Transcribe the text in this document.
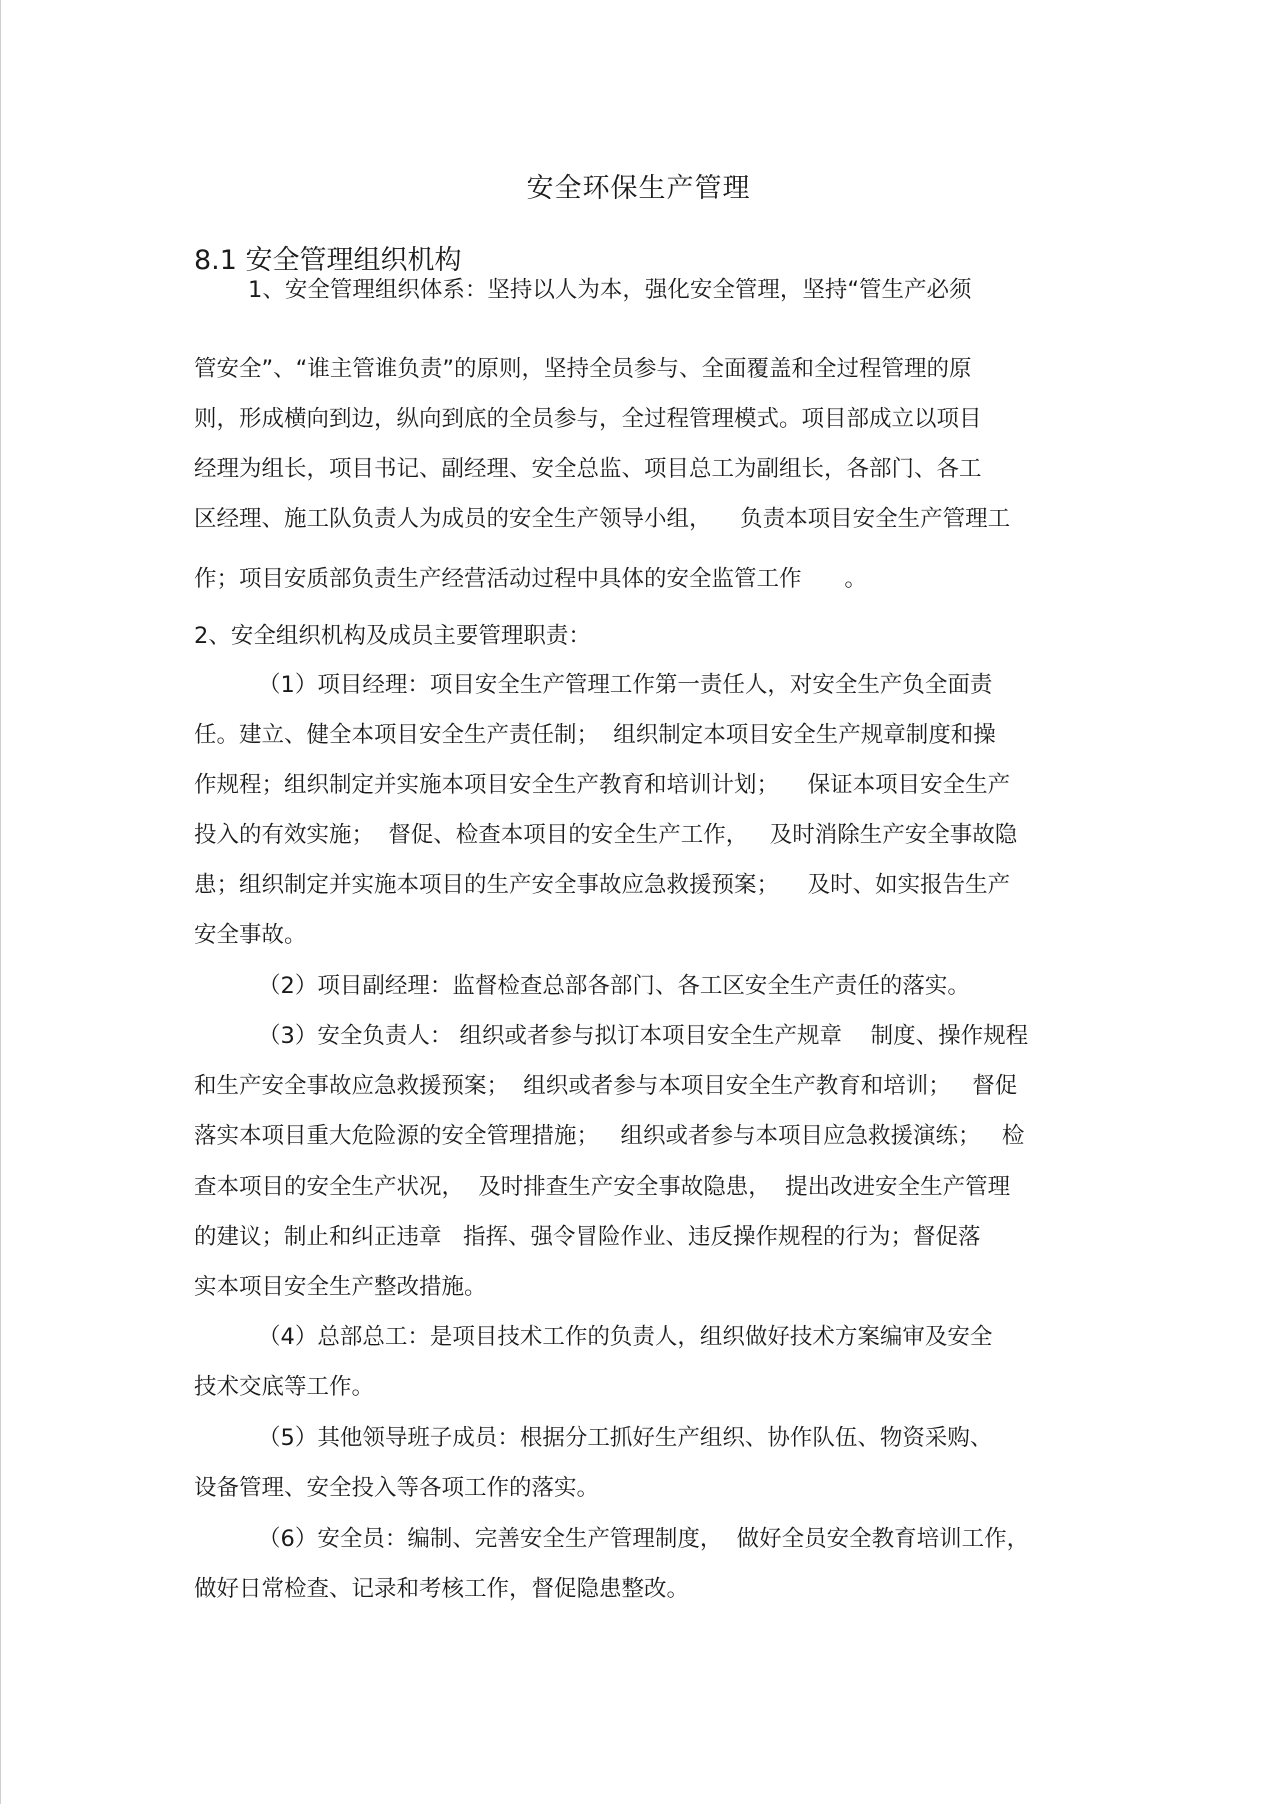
安全环保生产管理
8.1 安全管理组织机构
1、安全管理组织体系：坚持以人为本，强化安全管理，坚持“管生产必须
管安全”、“谁主管谁负责”的原则，坚持全员参与、全面覆盖和全过程管理的原
则，形成横向到边，纵向到底的全员参与，全过程管理模式。项目部成立以项目
经理为组长，项目书记、副经理、安全总监、项目总工为副组长，各部门、各工
区经理、施工队负责人为成员的安全生产领导小组，    负责本项目安全生产管理工
作；项目安质部负责生产经营活动过程中具体的安全监管工作      。
2、安全组织机构及成员主要管理职责：
（1）项目经理：项目安全生产管理工作第一责任人，对安全生产负全面责
任。建立、健全本项目安全生产责任制；  组织制定本项目安全生产规章制度和操
作规程；组织制定并实施本项目安全生产教育和培训计划；    保证本项目安全生产
投入的有效实施；  督促、检查本项目的安全生产工作，   及时消除生产安全事故隐
患；组织制定并实施本项目的生产安全事故应急救援预案；    及时、如实报告生产
安全事故。
（2）项目副经理：监督检查总部各部门、各工区安全生产责任的落实。
（3）安全负责人： 组织或者参与拟订本项目安全生产规章    制度、操作规程
和生产安全事故应急救援预案；  组织或者参与本项目安全生产教育和培训；   督促
落实本项目重大危险源的安全管理措施；   组织或者参与本项目应急救援演练；   检
查本项目的安全生产状况，  及时排查生产安全事故隐患，  提出改进安全生产管理
的建议；制止和纠正违章   指挥、强令冒险作业、违反操作规程的行为；督促落
实本项目安全生产整改措施。
（4）总部总工：是项目技术工作的负责人，组织做好技术方案编审及安全
技术交底等工作。
（5）其他领导班子成员：根据分工抓好生产组织、协作队伍、物资采购、
设备管理、安全投入等各项工作的落实。
（6）安全员：编制、完善安全生产管理制度，  做好全员安全教育培训工作，
做好日常检查、记录和考核工作，督促隐患整改。
